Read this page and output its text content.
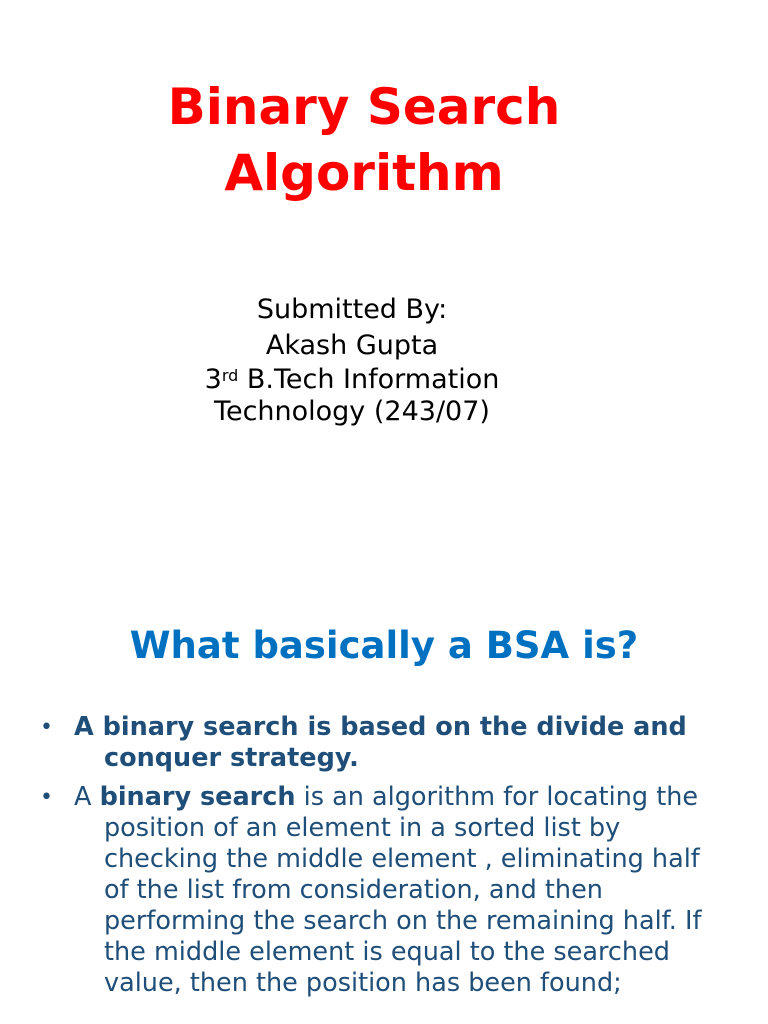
Binary Search
Algorithm
Submitted By:
Akash Gupta
3rd B.Tech Information
Technology (243/07)
What basically a BSA is?
• A binary search is based on the divide and conquer strategy.
• A binary search is an algorithm for locating the position of an element in a sorted list by checking the middle element , eliminating half of the list from consideration, and then performing the search on the remaining half. If the middle element is equal to the searched value, then the position has been found;
